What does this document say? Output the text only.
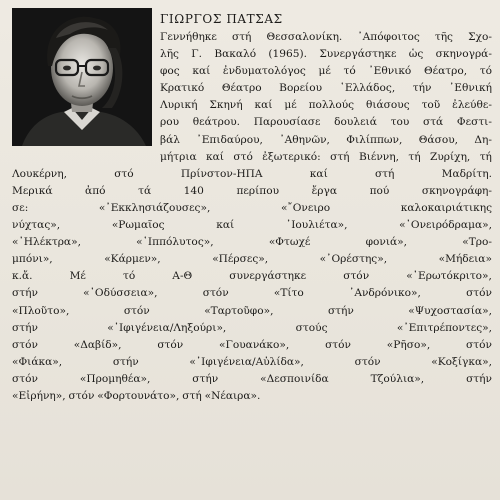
ΓΙΩΡΓΟΣ ΠΑΤΣΑΣ
Γεννήθηκε στή Θεσσαλονίκη. ᾿Απόφοιτος τῆς Σχο-
λῆς Γ. Βακαλό (1965). Συνεργάστηκε ὡς σκηνογρά-
φος καί ἐνδυματολόγος μέ τό ᾿Εθνικό Θέατρο, τό
Κρατικό Θέατρο Βορείου ῾Ελλάδος, τήν ᾿Εθνική
Λυρική Σκηνή καί μέ πολλούς θιάσους τοῦ ἐλεύθε-
ρου θεάτρου. Παρουσίασε δουλειά του στά Φεστι-
βάλ ᾿Επιδαύρου, ᾿Αθηνῶν, Φιλίππων, Θάσου, Δη-
μήτρια καί στό ἐξωτερικό: στή Βιέννη, τή Ζυρίχη, τή
Λουκέρνη,	στό	Πρίνστον-ΗΠΑ	καί	στή	Μαδρίτη.
Μερικά	ἀπό	τά	140	περίπου	ἔργα	πού	σκηνογράφη-
σε:	«᾿Εκκλησιάζουσες»,	«῎Ονειρο	καλοκαιριάτικης
νύχτας»,	«Ρωμαῖος	καί	᾿Ιουλιέτα»,	«᾿Ονειρόδραμα»,
«᾿Ηλέκτρα»,	«῾Ιππόλυτος»,	«Φτωχέ	φονιά»,	«Τρο-
μπόνι»,	«Κάρμεν»,	«Πέρσες»,	«᾿Ορέστης»,	«Μήδεια»
κ.ἄ.	Μέ	τό	Α-Θ	συνεργάστηκε	στόν	«᾿Ερωτόκριτο»,
στήν	«᾿Οδύσσεια»,	στόν	«Τίτο	᾿Ανδρόνικο»,	στόν
«Πλοῦτο»,	στόν	«Ταρτοῦφο»,	στήν	«Ψυχοστασία»,
στήν	«᾿Ιφιγένεια/Ληξούρι»,	στούς	«᾿Επιτρέποντες»,
στόν	«Δαβίδ»,	στόν	«Γουανάκο»,	στόν	«Ρῆσο»,	στόν
«Φιάκα»,	στήν	«᾿Ιφιγένεια/Αὐλίδα»,	στόν	«Κοξίγκα»,
στόν	«Προμηθέα»,	στήν	«Δεσποινίδα	Τζούλια»,	στήν
«Εἰρήνη»,
στόν
«Φορτουνάτο»,
στή
«Νέαιρα».
